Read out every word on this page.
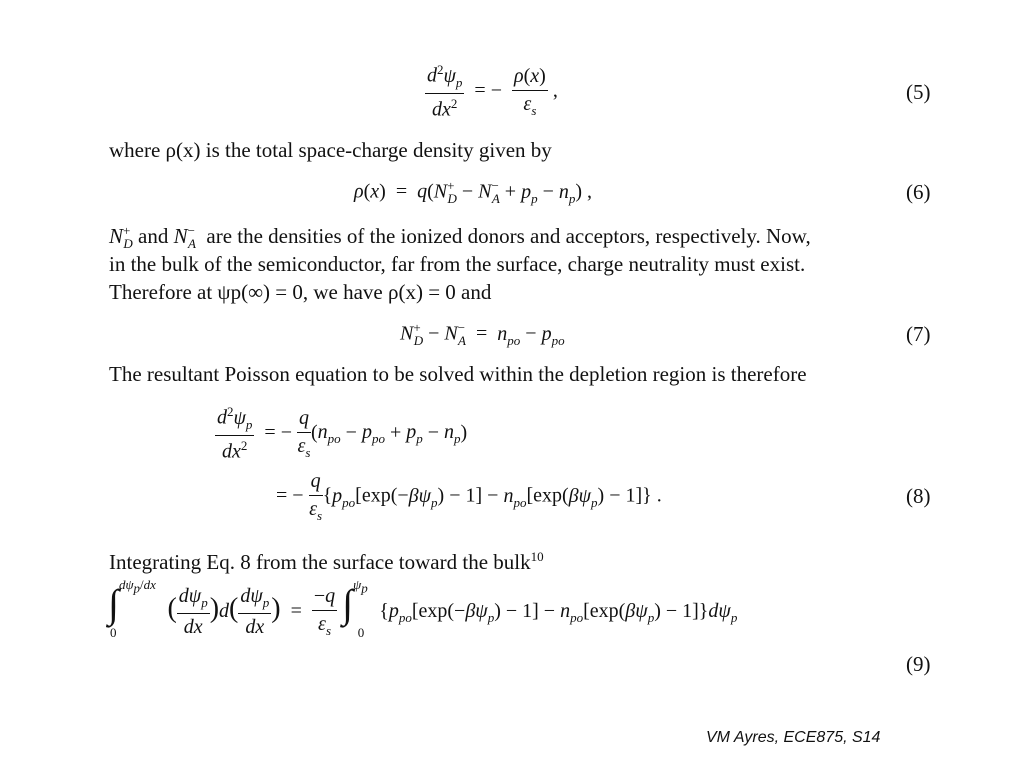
$\frac{d^2\psi_p}{dx^2}$ = − $\frac{\rho(x)}{\varepsilon_s}$ ,	(5)
where ρ(x) is the total space-charge density given by
$\rho(x) = q(N^+_D - N^-_A + p_p - n_p)$ ,	(6)
$N^+_D$ and $N^-_A$ are the densities of the ionized donors and acceptors, respectively. Now,
in the bulk of the semiconductor, far from the surface, charge neutrality must exist.
Therefore at ψp(∞) = 0, we have ρ(x) = 0 and
$N^+_D - N^-_A = n_{po} - p_{po}$	(7)
The resultant Poisson equation to be solved within the depletion region is therefore
$\frac{d^2\psi_p}{dx^2}$ = − $\frac{q}{\varepsilon_s} (n_{po} - p_{po} + p_p - n_p)$
= − $\frac{q}{\varepsilon_s} \{p_{po}[\exp(-\beta\psi_p) - 1] - n_{po}[\exp(\beta\psi_p) - 1]\}$ .	(8)
Integrating Eq. 8 from the surface toward the bulk$^{10}$
∫$^{d\psi_p/dx}_0$ ( $\frac{d\psi_p}{dx} )d( \frac{d\psi_p}{dx}$ )  = $\frac{-q}{\varepsilon_s} \int^{\psi_p}_0$ $\{p_{po}[\exp(-\beta\psi_p) - 1] - n_{po}[\exp(\beta\psi_p) - 1]\}d\psi_p$
(9)
VM Ayres, ECE875, S14
